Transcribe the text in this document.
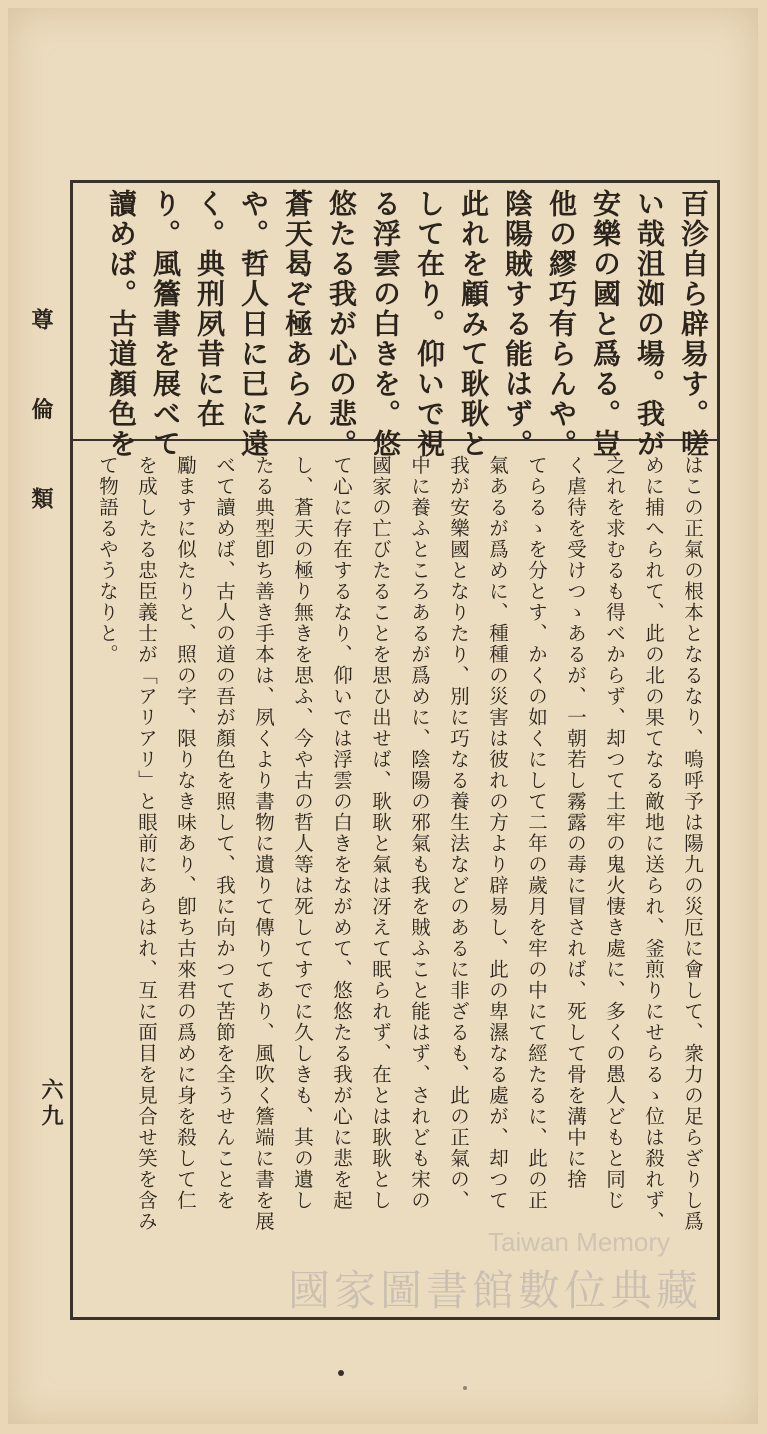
尊 倫 類
六九
百沴自ら辟易す。嗟
い哉沮洳の場。我が
安樂の國と爲る。豈
他の繆巧有らんや。
陰陽賊する能はず。
此れを顧みて耿耿と
して在り。仰いで視
る浮雲の白きを。悠
悠たる我が心の悲。
蒼天曷ぞ極あらん
や。哲人日に已に遠
く。典刑夙昔に在
り。風簷書を展べて
讀めば。古道顏色を
はこの正氣の根本となるなり、嗚呼予は陽九の災厄に會して、衆力の足らざりし爲
めに捕へられて、此の北の果てなる敵地に送られ、釜煎りにせらるゝ位は殺れず、
之れを求むるも得べからず、却つて土牢の鬼火悽き處に、多くの愚人どもと同じ
く虐待を受けつゝあるが、一朝若し霧露の毒に冒されば、死して骨を溝中に捨
てらるゝを分とす、かくの如くにして二年の歲月を牢の中にて經たるに、此の正
氣あるが爲めに、種種の災害は彼れの方より辟易し、此の卑濕なる處が、却つて
我が安樂國となりたり、別に巧なる養生法などのあるに非ざるも、此の正氣の、
中に養ふところあるが爲めに、陰陽の邪氣も我を賊ふこと能はず、されども宋の
國家の亡びたることを思ひ出せば、耿耿と氣は冴えて眠られず、在とは耿耿とし
て心に存在するなり、仰いでは浮雲の白きをながめて、悠悠たる我が心に悲を起
し、蒼天の極り無きを思ふ、今や古の哲人等は死してすでに久しきも、其の遺し
たる典型卽ち善き手本は、夙くより書物に遺りて傳りてあり、風吹く簷端に書を展
べて讀めば、古人の道の吾が顏色を照して、我に向かつて苦節を全うせんことを
勵ますに似たりと、照の字、限りなき味あり、卽ち古來君の爲めに身を殺して仁
を成したる忠臣義士が「アリアリ」と眼前にあらはれ、互に面目を見合せ笑を含み
て物語るやうなりと。
Taiwan Memory
國家圖書館數位典藏
